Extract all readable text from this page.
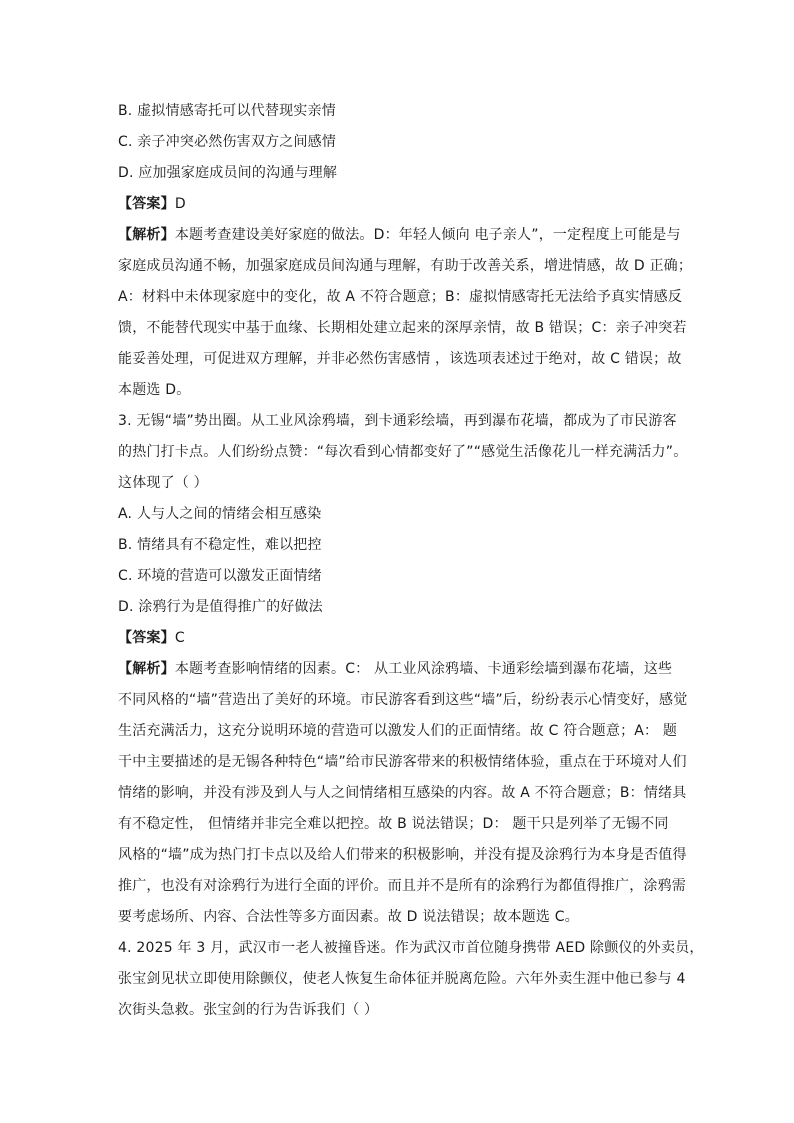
B. 虚拟情感寄托可以代替现实亲情
C. 亲子冲突必然伤害双方之间感情
D. 应加强家庭成员间的沟通与理解
【答案】D
【解析】本题考查建设美好家庭的做法。D：年轻人倾向 电子亲人”，一定程度上可能是与
家庭成员沟通不畅，加强家庭成员间沟通与理解，有助于改善关系，增进情感，故 D 正确；
A：材料中未体现家庭中的变化，故 A 不符合题意；B：虚拟情感寄托无法给予真实情感反
馈，不能替代现实中基于血缘、长期相处建立起来的深厚亲情，故 B 错误；C：亲子冲突若
能妥善处理，可促进双方理解，并非必然伤害感情 ，该选项表述过于绝对，故 C 错误；故
本题选 D。
3. 无锡“墙”势出圈。从工业风涂鸦墙，到卡通彩绘墙，再到瀑布花墙，都成为了市民游客
的热门打卡点。人们纷纷点赞：“每次看到心情都变好了”“感觉生活像花儿一样充满活力”。
这体现了（ ）
A. 人与人之间的情绪会相互感染
B. 情绪具有不稳定性，难以把控
C. 环境的营造可以激发正面情绪
D. 涂鸦行为是值得推广的好做法
【答案】C
【解析】本题考查影响情绪的因素。C： 从工业风涂鸦墙、卡通彩绘墙到瀑布花墙，这些
不同风格的“墙”营造出了美好的环境。市民游客看到这些“墙”后，纷纷表示心情变好，感觉
生活充满活力，这充分说明环境的营造可以激发人们的正面情绪。故 C 符合题意；A： 题
干中主要描述的是无锡各种特色“墙”给市民游客带来的积极情绪体验，重点在于环境对人们
情绪的影响，并没有涉及到人与人之间情绪相互感染的内容。故 A 不符合题意；B：情绪具
有不稳定性， 但情绪并非完全难以把控。故 B 说法错误；D： 题干只是列举了无锡不同
风格的“墙”成为热门打卡点以及给人们带来的积极影响，并没有提及涂鸦行为本身是否值得
推广，也没有对涂鸦行为进行全面的评价。而且并不是所有的涂鸦行为都值得推广，涂鸦需
要考虑场所、内容、合法性等多方面因素。故 D 说法错误；故本题选 C。
4. 2025 年 3 月，武汉市一老人被撞昏迷。作为武汉市首位随身携带 AED 除颤仪的外卖员，
张宝剑见状立即使用除颤仪，使老人恢复生命体征并脱离危险。六年外卖生涯中他已参与 4
次街头急救。张宝剑的行为告诉我们（ ）
